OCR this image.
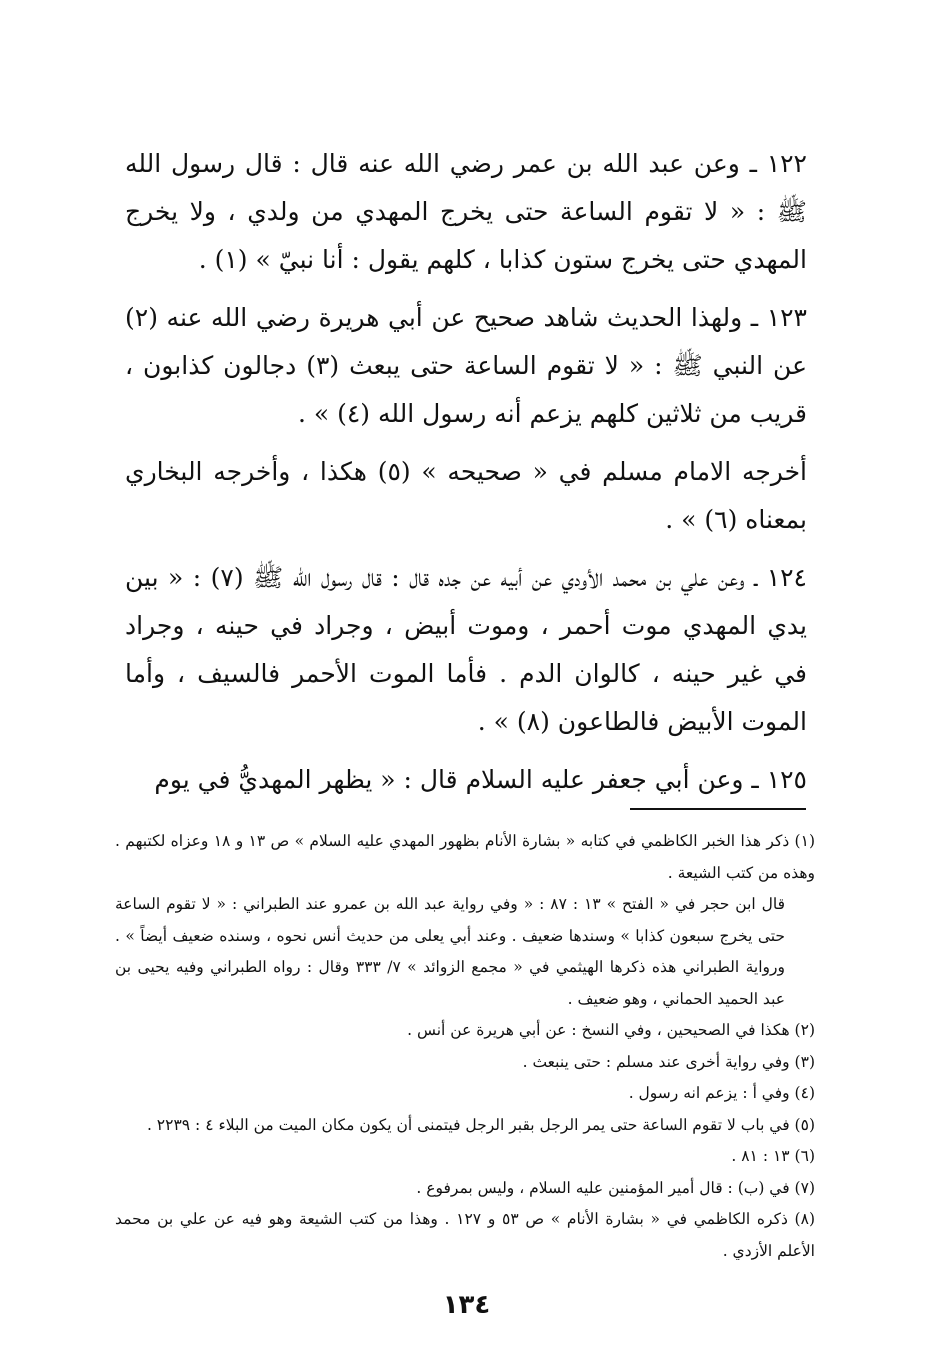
١٢٢ ـ وعن عبد الله بن عمر رضي الله عنه قال : قال رسول الله ﷺ : « لا تقوم الساعة حتى يخرج المهدي من ولدي ، ولا يخرج المهدي حتى يخرج ستون كذابا ، كلهم يقول : أنا نبيّ » (١) .

١٢٣ ـ ولهذا الحديث شاهد صحيح عن أبي هريرة رضي الله عنه (٢) عن النبي ﷺ : « لا تقوم الساعة حتى يبعث (٣) دجالون كذابون ، قريب من ثلاثين كلهم يزعم أنه رسول الله (٤) » .

أخرجه الامام مسلم في « صحيحه » (٥) هكذا ، وأخرجه البخاري بمعناه (٦) » .

١٢٤ ـ وعن علي بن محمد الأودي عن أبيه عن جده قال : قال رسول الله ﷺ (٧) : « بين يدي المهدي موت أحمر ، وموت أبيض ، وجراد في حينه ، وجراد في غير حينه ، كالوان الدم . فأما الموت الأحمر فالسيف ، وأما الموت الأبيض فالطاعون (٨) » .

١٢٥ ـ وعن أبي جعفر عليه السلام قال : « يظهر المهديُّ في يوم

(١) ذكر هذا الخبر الكاظمي في كتابه « بشارة الأنام بظهور المهدي عليه السلام » ص ١٣ و ١٨ وعزاه لكتبهم . وهذه من كتب الشيعة .

قال ابن حجر في « الفتح » ١٣ : ٨٧ : « وفي رواية عبد الله بن عمرو عند الطبراني : « لا تقوم الساعة حتى يخرج سبعون كذابا » وسندها ضعيف . وعند أبي يعلى من حديث أنس نحوه ، وسنده ضعيف أيضاً » . ورواية الطبراني هذه ذكرها الهيثمي في « مجمع الزوائد » ٧/ ٣٣٣ وقال : رواه الطبراني وفيه يحيى بن عبد الحميد الحماني ، وهو ضعيف .

(٢) هكذا في الصحيحين ، وفي النسخ : عن أبي هريرة عن أنس .

(٣) وفي رواية أخرى عند مسلم : حتى ينبعث .

(٤) وفي أ : يزعم انه رسول .

(٥) في باب لا تقوم الساعة حتى يمر الرجل بقبر الرجل فيتمنى أن يكون مكان الميت من البلاء ٤ : ٢٢٣٩ .

(٦) ١٣ : ٨١ .

(٧) في (ب) : قال أمير المؤمنين عليه السلام ، وليس بمرفوع .

(٨) ذكره الكاظمي في « بشارة الأنام » ص ٥٣ و ١٢٧ . وهذا من كتب الشيعة وهو فيه عن علي بن محمد الأعلم الأزدي .

١٣٤
